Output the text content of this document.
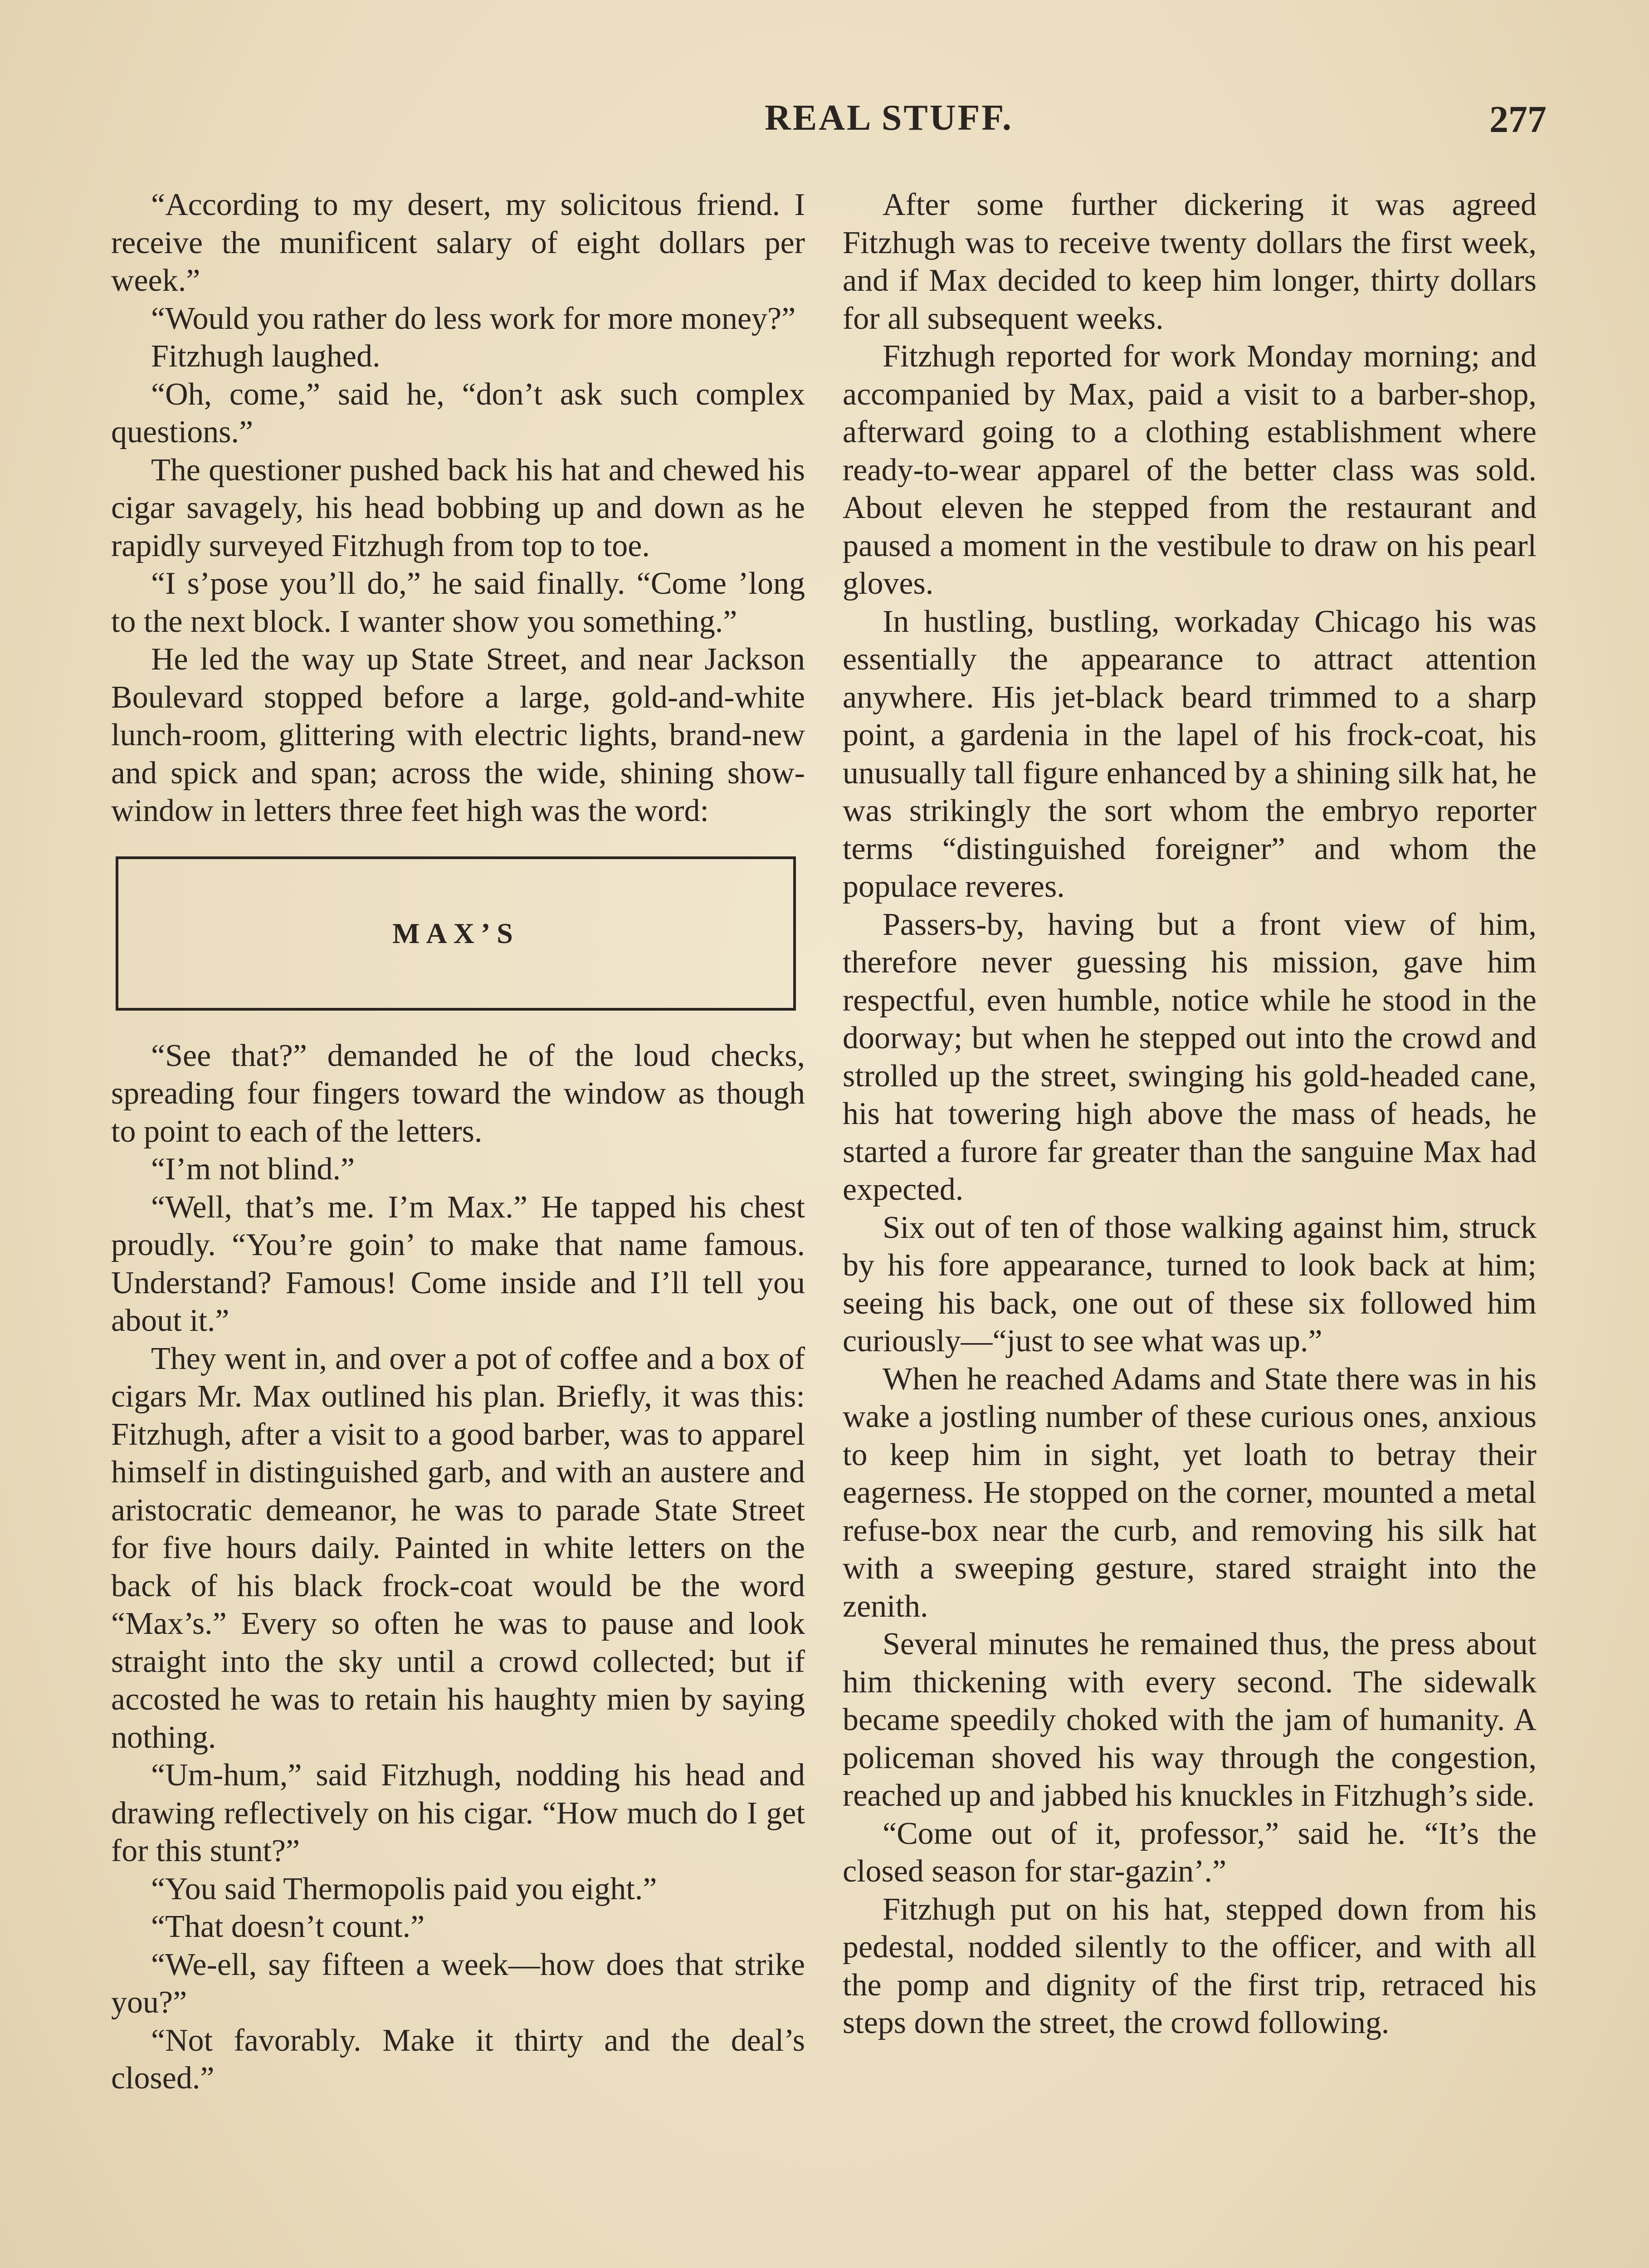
REAL STUFF.	277

“According to my desert, my solicitous friend. I receive the munificent salary of eight dollars per week.”

“Would you rather do less work for more money?”

Fitzhugh laughed.

“Oh, come,” said he, “don’t ask such complex questions.”

The questioner pushed back his hat and chewed his cigar savagely, his head bobbing up and down as he rapidly surveyed Fitzhugh from top to toe.

“I s’pose you’ll do,” he said finally. “Come ’long to the next block. I wanter show you something.”

He led the way up State Street, and near Jackson Boulevard stopped before a large, gold-and-white lunch-room, glittering with electric lights, brand-new and spick and span; across the wide, shining show-window in letters three feet high was the word:

MAX’S

“See that?” demanded he of the loud checks, spreading four fingers toward the window as though to point to each of the letters.

“I’m not blind.”

“Well, that’s me. I’m Max.” He tapped his chest proudly. “You’re goin’ to make that name famous. Understand? Famous! Come inside and I’ll tell you about it.”

They went in, and over a pot of coffee and a box of cigars Mr. Max outlined his plan. Briefly, it was this: Fitzhugh, after a visit to a good barber, was to apparel himself in distinguished garb, and with an austere and aristocratic demeanor, he was to parade State Street for five hours daily. Painted in white letters on the back of his black frock-coat would be the word “Max’s.” Every so often he was to pause and look straight into the sky until a crowd collected; but if accosted he was to retain his haughty mien by saying nothing.

“Um-hum,” said Fitzhugh, nodding his head and drawing reflectively on his cigar. “How much do I get for this stunt?”

“You said Thermopolis paid you eight.”

“That doesn’t count.”

“We-ell, say fifteen a week—how does that strike you?”

“Not favorably. Make it thirty and the deal’s closed.”

After some further dickering it was agreed Fitzhugh was to receive twenty dollars the first week, and if Max decided to keep him longer, thirty dollars for all subsequent weeks.

Fitzhugh reported for work Monday morning; and accompanied by Max, paid a visit to a barber-shop, afterward going to a clothing establishment where ready-to-wear apparel of the better class was sold. About eleven he stepped from the restaurant and paused a moment in the vestibule to draw on his pearl gloves.

In hustling, bustling, workaday Chicago his was essentially the appearance to attract attention anywhere. His jet-black beard trimmed to a sharp point, a gardenia in the lapel of his frock-coat, his unusually tall figure enhanced by a shining silk hat, he was strikingly the sort whom the embryo reporter terms “distinguished foreigner” and whom the populace reveres.

Passers-by, having but a front view of him, therefore never guessing his mission, gave him respectful, even humble, notice while he stood in the doorway; but when he stepped out into the crowd and strolled up the street, swinging his gold-headed cane, his hat towering high above the mass of heads, he started a furore far greater than the sanguine Max had expected.

Six out of ten of those walking against him, struck by his fore appearance, turned to look back at him; seeing his back, one out of these six followed him curiously—“just to see what was up.”

When he reached Adams and State there was in his wake a jostling number of these curious ones, anxious to keep him in sight, yet loath to betray their eagerness. He stopped on the corner, mounted a metal refuse-box near the curb, and removing his silk hat with a sweeping gesture, stared straight into the zenith.

Several minutes he remained thus, the press about him thickening with every second. The sidewalk became speedily choked with the jam of humanity. A policeman shoved his way through the congestion, reached up and jabbed his knuckles in Fitzhugh’s side.

“Come out of it, professor,” said he. “It’s the closed season for star-gazin’.”

Fitzhugh put on his hat, stepped down from his pedestal, nodded silently to the officer, and with all the pomp and dignity of the first trip, retraced his steps down the street, the crowd following.
